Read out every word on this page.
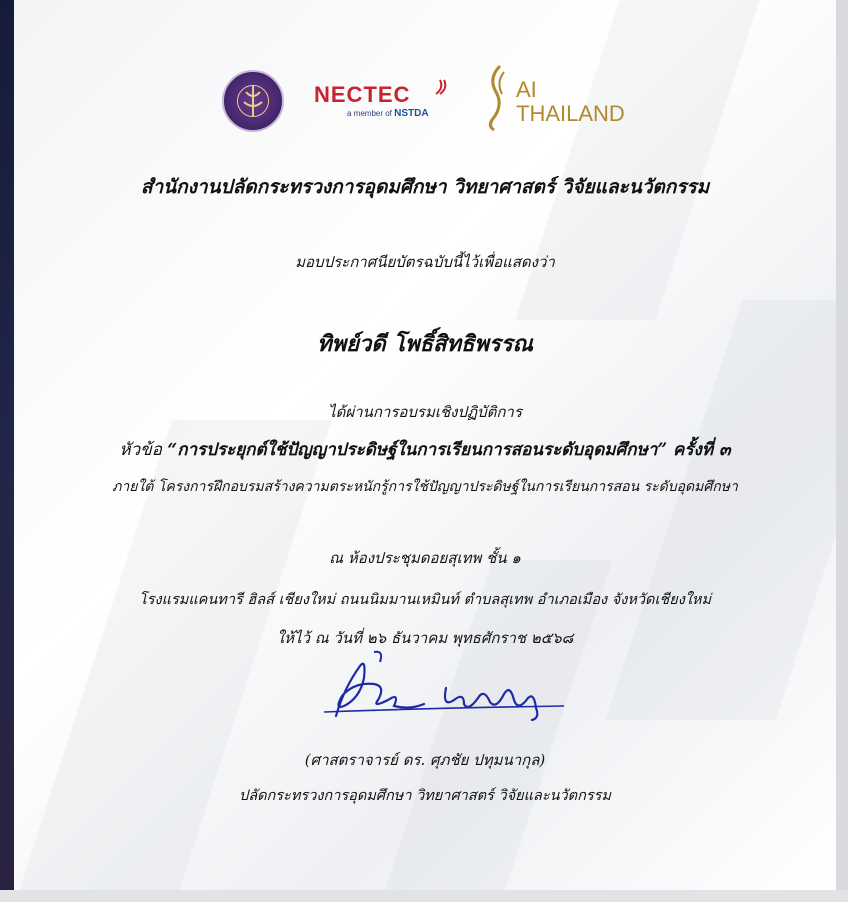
NECTEC
a member of NSTDA
AI
THAILAND
สำนักงานปลัดกระทรวงการอุดมศึกษา วิทยาศาสตร์ วิจัยและนวัตกรรม
มอบประกาศนียบัตรฉบับนี้ไว้เพื่อแสดงว่า
ทิพย์วดี โพธิ์สิทธิพรรณ
ได้ผ่านการอบรมเชิงปฏิบัติการ
หัวข้อ “การประยุกต์ใช้ปัญญาประดิษฐ์ในการเรียนการสอนระดับอุดมศึกษา” ครั้งที่ ๓
ภายใต้ โครงการฝึกอบรมสร้างความตระหนักรู้การใช้ปัญญาประดิษฐ์ในการเรียนการสอน ระดับอุดมศึกษา
ณ ห้องประชุมดอยสุเทพ ชั้น ๑
โรงแรมแคนทารี ฮิลส์ เชียงใหม่ ถนนนิมมานเหมินท์ ตำบลสุเทพ อำเภอเมือง จังหวัดเชียงใหม่
ให้ไว้ ณ วันที่ ๒๖ ธันวาคม พุทธศักราช ๒๕๖๘
(ศาสตราจารย์ ดร. ศุภชัย ปทุมนากุล)
ปลัดกระทรวงการอุดมศึกษา วิทยาศาสตร์ วิจัยและนวัตกรรม
